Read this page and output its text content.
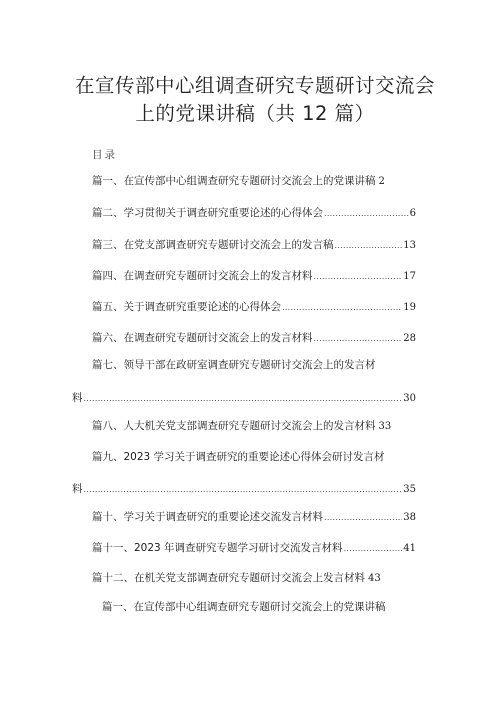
在宣传部中心组调查研究专题研讨交流会
上的党课讲稿（共 12 篇）
目录
篇一、在宣传部中心组调查研究专题研讨交流会上的党课讲稿 2
篇二、学习贯彻关于调查研究重要论述的心得体会 .....	6
篇三、在党支部调查研究专题研讨交流会上的发言稿 .....	13
篇四、在调查研究专题研讨交流会上的发言材料 .....	17
篇五、关于调查研究重要论述的心得体会 .....	19
篇六、在调查研究专题研讨交流会上的发言材料 .....	28
篇七、领导干部在政研室调查研究专题研讨交流会上的发言材
料 .....	30
篇八、人大机关党支部调查研究专题研讨交流会上的发言材料 33
篇九、2023 学习关于调查研究的重要论述心得体会研讨发言材
料 .....	35
篇十、学习关于调查研究的重要论述交流发言材料 .....	38
篇十一、2023 年调查研究专题学习研讨交流发言材料 .....	41
篇十二、在机关党支部调查研究专题研讨交流会上发言材料 43
篇一、在宣传部中心组调查研究专题研讨交流会上的党课讲稿
